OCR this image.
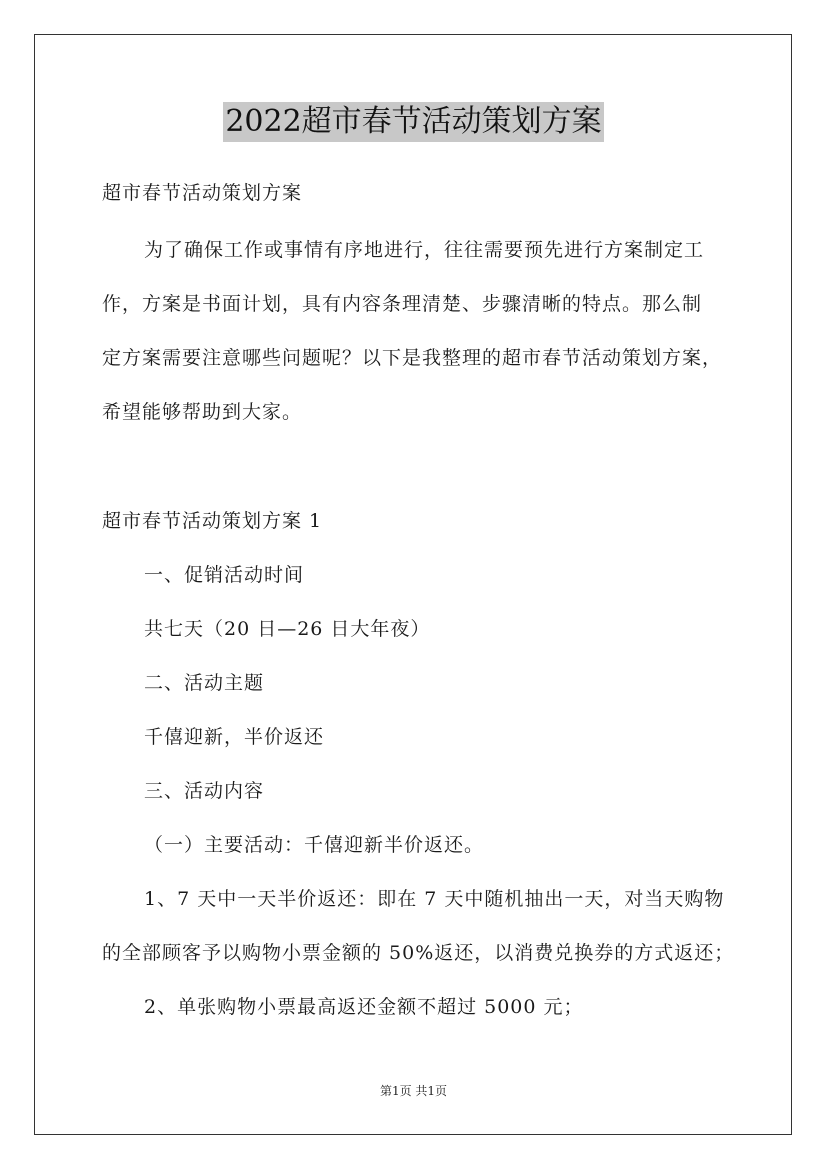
2022超市春节活动策划方案
超市春节活动策划方案
为了确保工作或事情有序地进行，往往需要预先进行方案制定工
作，方案是书面计划，具有内容条理清楚、步骤清晰的特点。那么制
定方案需要注意哪些问题呢？以下是我整理的超市春节活动策划方案，
希望能够帮助到大家。
超市春节活动策划方案 1
一、促销活动时间
共七天（20 日—26 日大年夜）
二、活动主题
千僖迎新，半价返还
三、活动内容
（一）主要活动：千僖迎新半价返还。
1、7 天中一天半价返还：即在 7 天中随机抽出一天，对当天购物
的全部顾客予以购物小票金额的 50%返还，以消费兑换券的方式返还；
2、单张购物小票最高返还金额不超过 5000 元；
第1页 共1页
